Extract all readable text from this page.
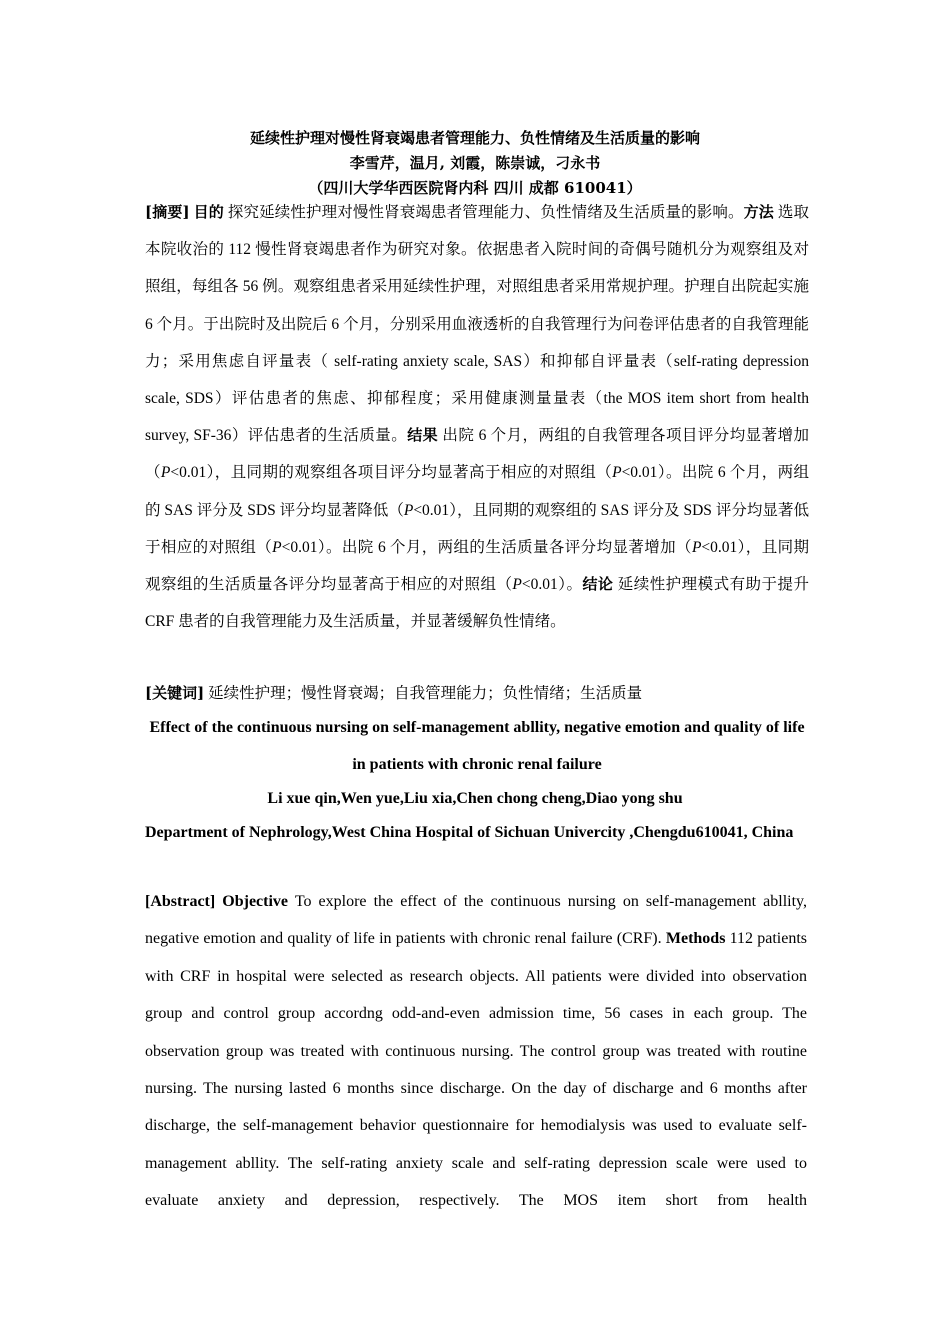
延续性护理对慢性肾衰竭患者管理能力、负性情绪及生活质量的影响
李雪芹，温月, 刘霞，陈崇诚，刁永书
（四川大学华西医院肾内科 四川 成都 610041）
[摘要] 目的 探究延续性护理对慢性肾衰竭患者管理能力、负性情绪及生活质量的影响。方法 选取本院收治的 112 慢性肾衰竭患者作为研究对象。依据患者入院时间的奇偶号随机分为观察组及对照组，每组各 56 例。观察组患者采用延续性护理，对照组患者采用常规护理。护理自出院起实施 6 个月。于出院时及出院后 6 个月，分别采用血液透析的自我管理行为问卷评估患者的自我管理能力；采用焦虑自评量表（ self-rating anxiety scale, SAS）和抑郁自评量表（self-rating depression scale, SDS）评估患者的焦虑、抑郁程度；采用健康测量量表（the MOS item short from health survey, SF-36）评估患者的生活质量。结果 出院 6 个月，两组的自我管理各项目评分均显著增加（P<0.01），且同期的观察组各项目评分均显著高于相应的对照组（P<0.01）。出院 6 个月，两组的 SAS 评分及 SDS 评分均显著降低（P<0.01），且同期的观察组的 SAS 评分及 SDS 评分均显著低于相应的对照组（P<0.01）。出院 6 个月，两组的生活质量各评分均显著增加（P<0.01），且同期观察组的生活质量各评分均显著高于相应的对照组（P<0.01）。结论 延续性护理模式有助于提升 CRF 患者的自我管理能力及生活质量，并显著缓解负性情绪。
[关键词] 延续性护理；慢性肾衰竭；自我管理能力；负性情绪；生活质量
Effect of the continuous nursing on self-management abllity, negative emotion and quality of life in patients with chronic renal failure
Li xue qin,Wen yue,Liu xia,Chen chong cheng,Diao yong shu
Department of Nephrology,West China Hospital of Sichuan Univercity ,Chengdu610041, China
[Abstract] Objective To explore the effect of the continuous nursing on self-management abllity, negative emotion and quality of life in patients with chronic renal failure (CRF). Methods 112 patients with CRF in hospital were selected as research objects. All patients were divided into observation group and control group accordng odd-and-even admission time, 56 cases in each group. The observation group was treated with continuous nursing. The control group was treated with routine nursing. The nursing lasted 6 months since discharge. On the day of discharge and 6 months after discharge, the self-management behavior questionnaire for hemodialysis was used to evaluate self-management abllity. The self-rating anxiety scale and self-rating depression scale were used to evaluate anxiety and depression, respectively. The MOS item short from health
